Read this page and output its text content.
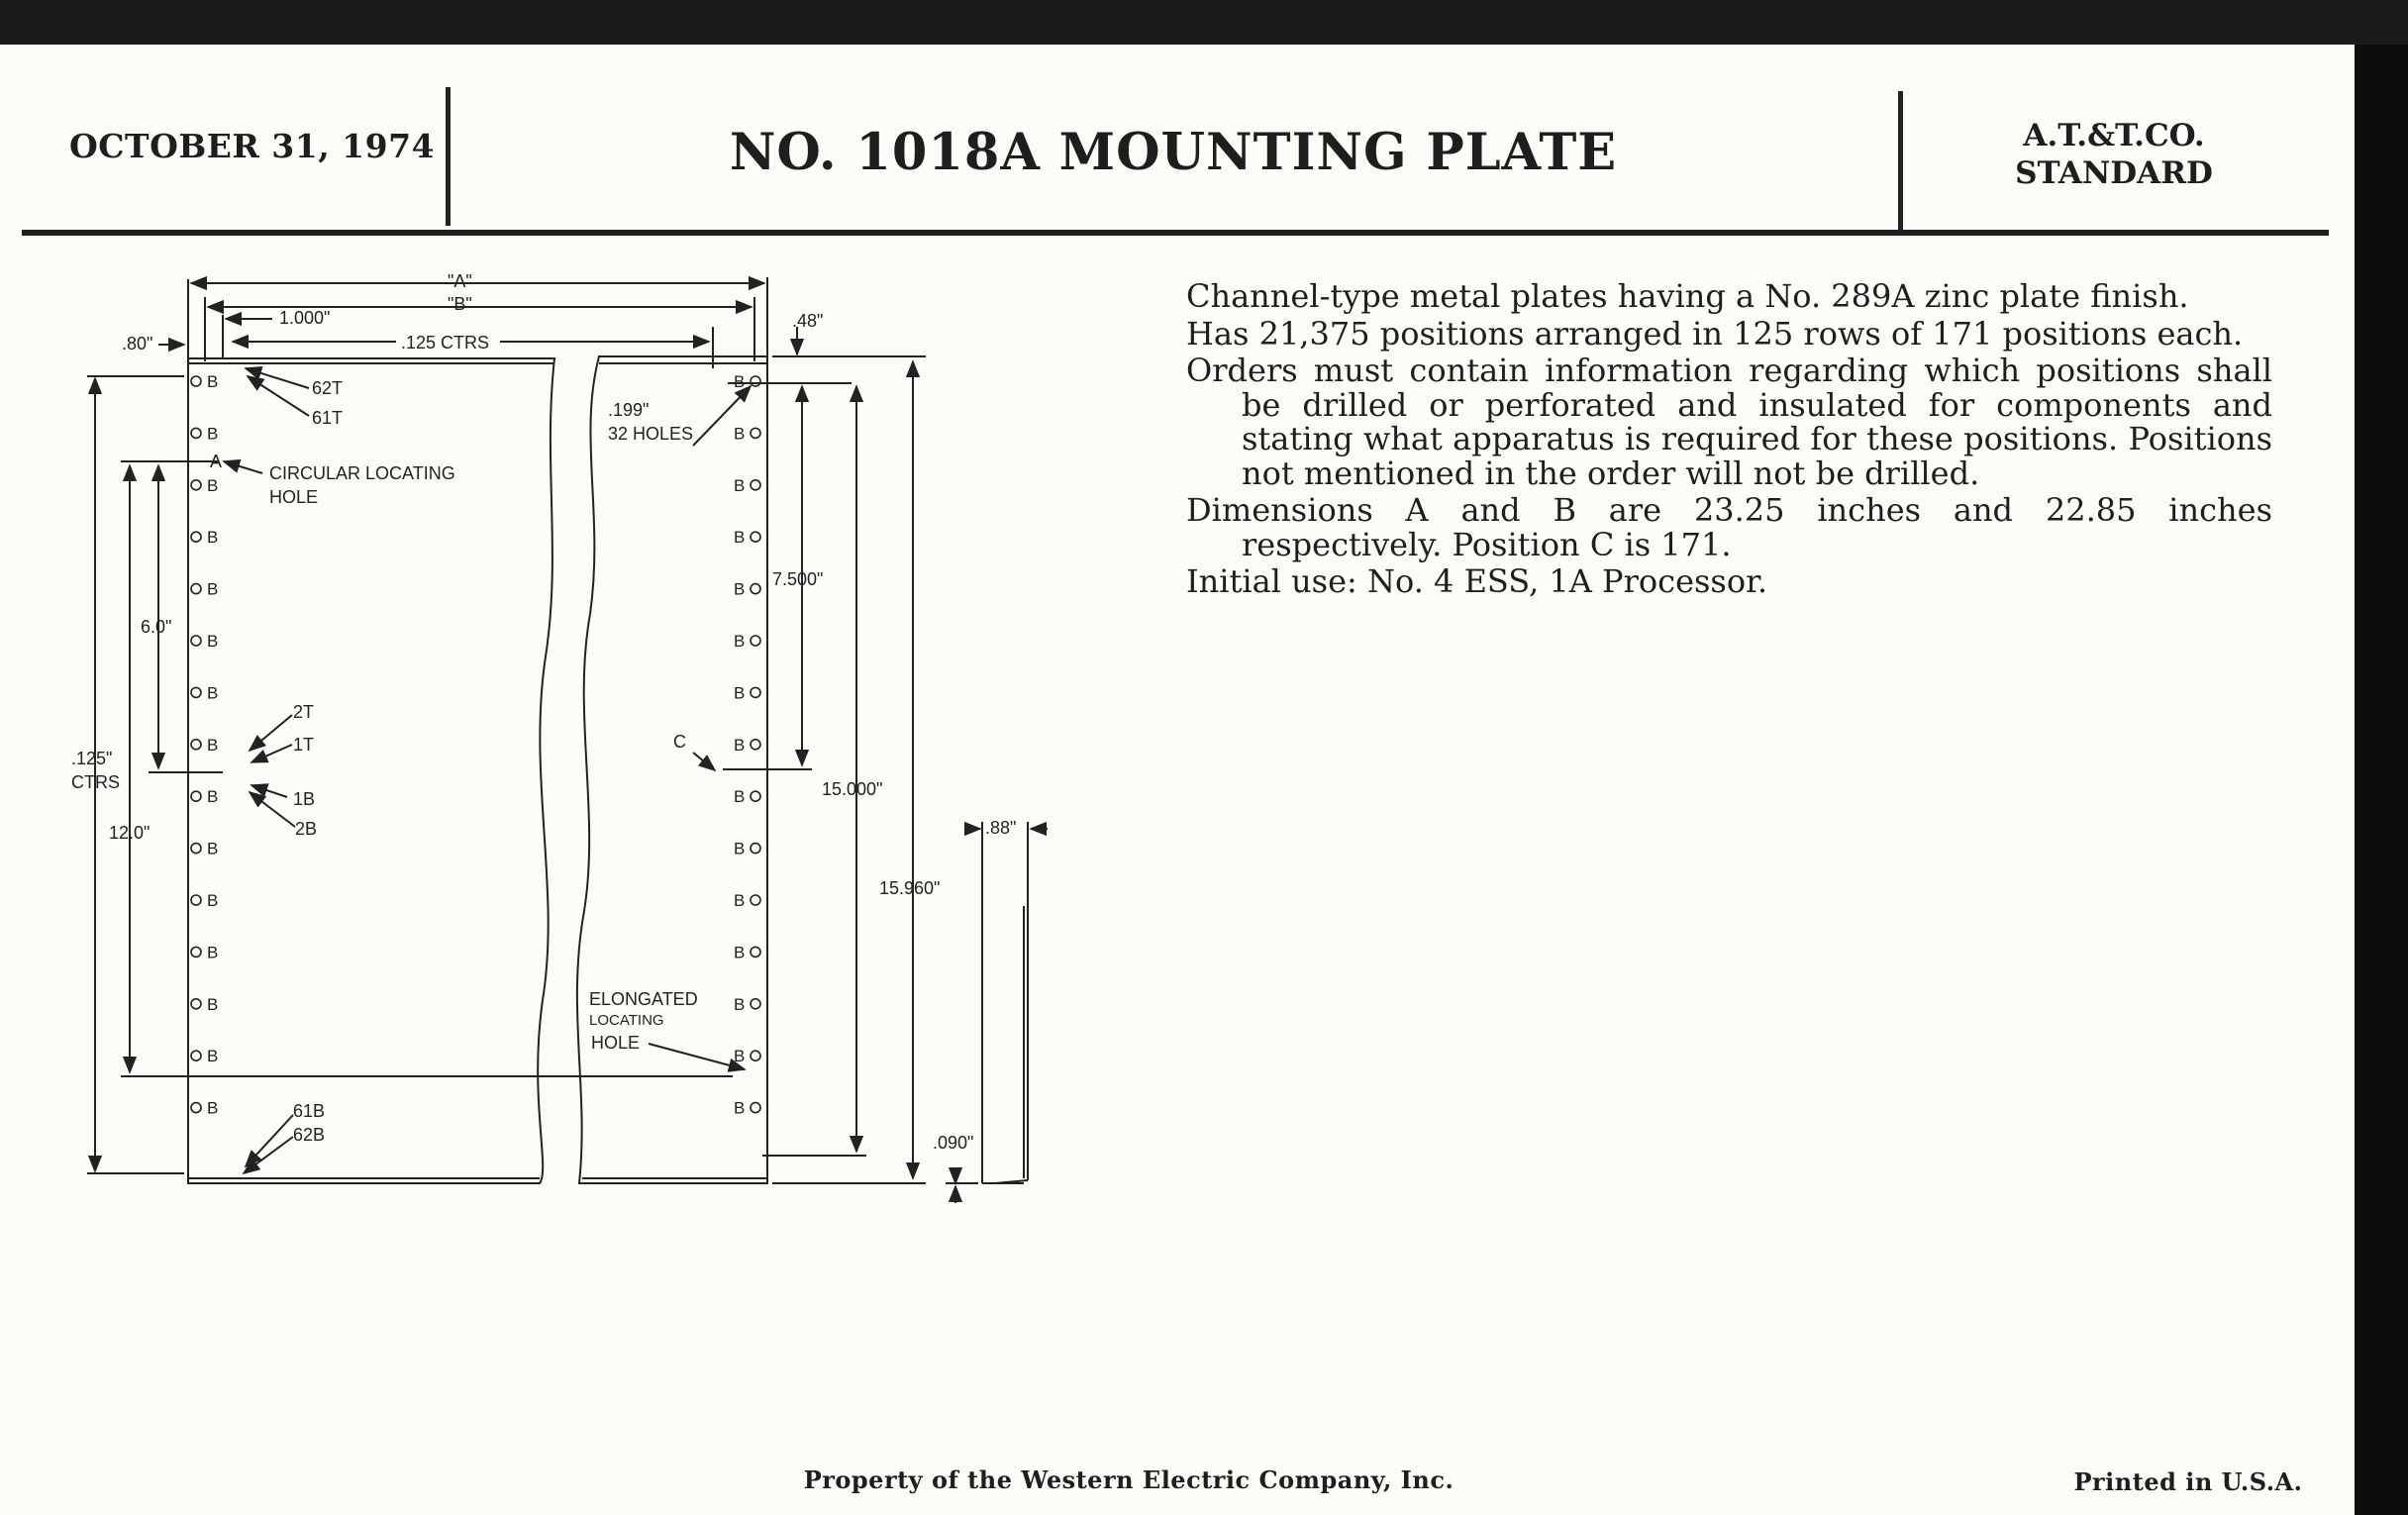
OCTOBER 31, 1974	NO. 1018A MOUNTING PLATE	A.T.&T.CO.
STANDARD

Channel-type metal plates having a No. 289A zinc plate finish.

Has 21,375 positions arranged in 125 rows of 171 positions each.

Orders must contain information regarding which positions shall be drilled or perforated and insulated for components and stating what apparatus is required for these positions. Positions not mentioned in the order will not be drilled.

Dimensions A and B are 23.25 inches and 22.85 inches respectively. Position C is 171.

Initial use: No. 4 ESS, 1A Processor.

B
B
B
B
B
B
B
B
B
B
B
B
B
B
B
B
B
B
B
B
B
B
B
B
B
B
B
B
B
B
"A"
"B"
1.000"
.125 CTRS
.80"
.48"
62T
61T
A
CIRCULAR LOCATING
HOLE
.199"
32 HOLES
6.0"
2T
1T
1B
2B
.125"
CTRS
12.0"
C
7.500"
15.000"
15.960"
.88"
.090"
ELONGATED
LOCATING
HOLE
61B
62B
Property of the Western Electric Company, Inc.	Printed in U.S.A.
